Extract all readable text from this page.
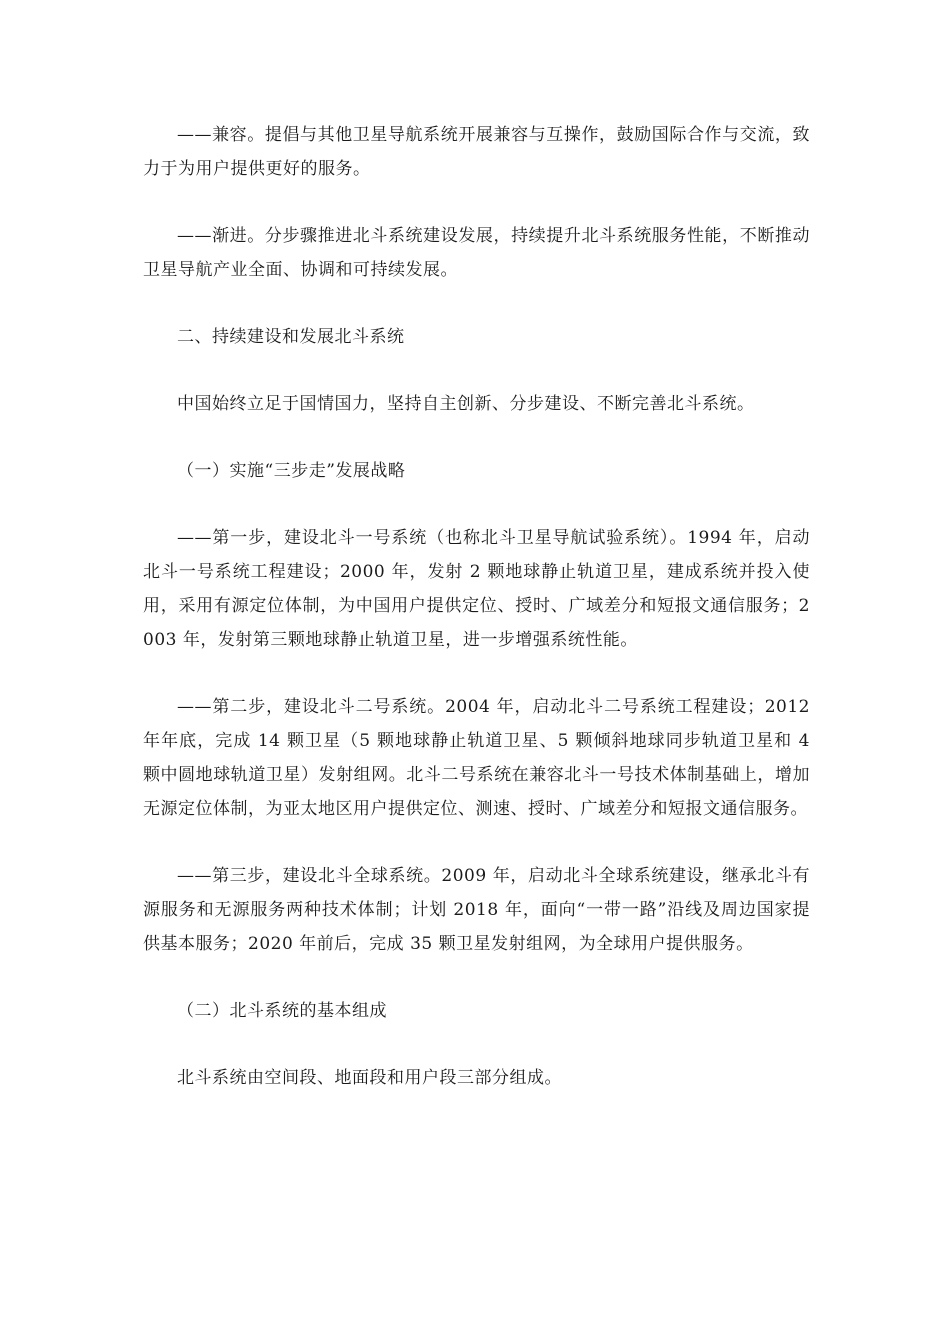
——兼容。提倡与其他卫星导航系统开展兼容与互操作，鼓励国际合作与交流，致力于为用户提供更好的服务。

——渐进。分步骤推进北斗系统建设发展，持续提升北斗系统服务性能，不断推动卫星导航产业全面、协调和可持续发展。

二、持续建设和发展北斗系统

中国始终立足于国情国力，坚持自主创新、分步建设、不断完善北斗系统。

（一）实施“三步走”发展战略

——第一步，建设北斗一号系统（也称北斗卫星导航试验系统）。1994 年，启动北斗一号系统工程建设；2000 年，发射 2 颗地球静止轨道卫星，建成系统并投入使用，采用有源定位体制，为中国用户提供定位、授时、广域差分和短报文通信服务；2003 年，发射第三颗地球静止轨道卫星，进一步增强系统性能。

——第二步，建设北斗二号系统。2004 年，启动北斗二号系统工程建设；2012 年年底，完成 14 颗卫星（5 颗地球静止轨道卫星、5 颗倾斜地球同步轨道卫星和 4 颗中圆地球轨道卫星）发射组网。北斗二号系统在兼容北斗一号技术体制基础上，增加无源定位体制，为亚太地区用户提供定位、测速、授时、广域差分和短报文通信服务。

——第三步，建设北斗全球系统。2009 年，启动北斗全球系统建设，继承北斗有源服务和无源服务两种技术体制；计划 2018 年，面向“一带一路”沿线及周边国家提供基本服务；2020 年前后，完成 35 颗卫星发射组网，为全球用户提供服务。

（二）北斗系统的基本组成

北斗系统由空间段、地面段和用户段三部分组成。
